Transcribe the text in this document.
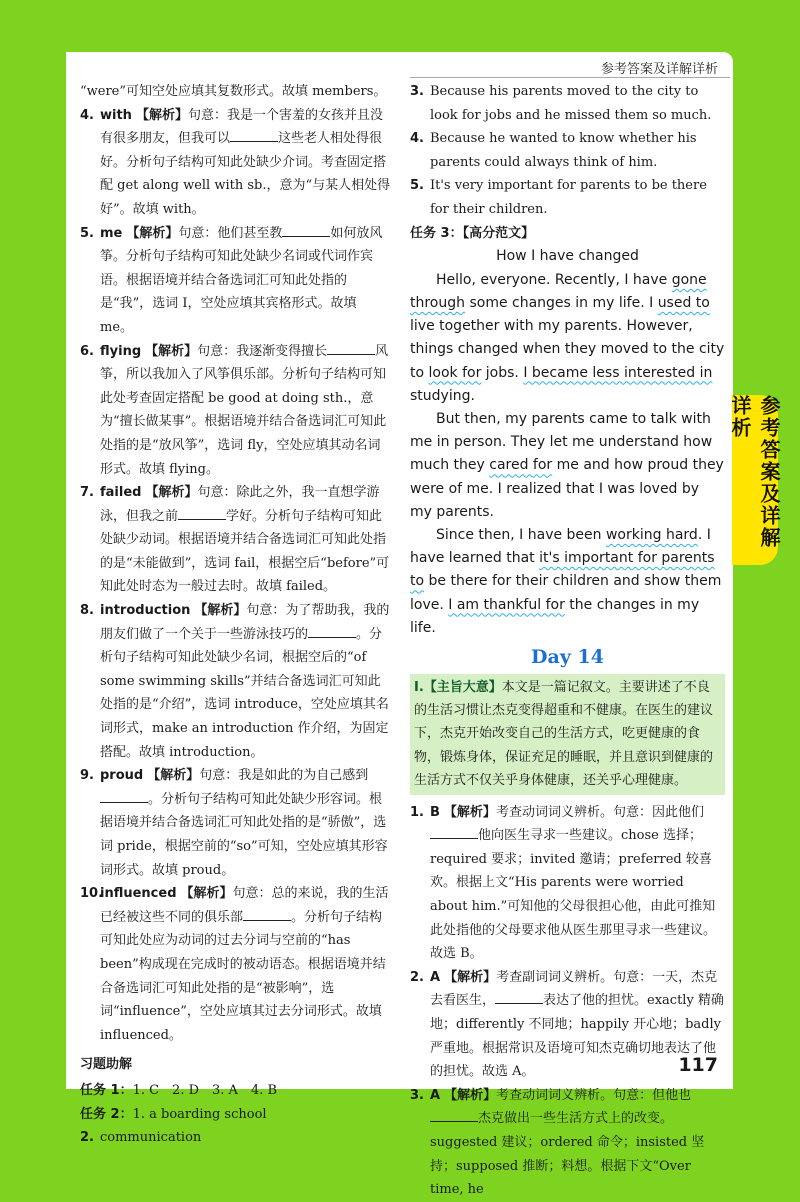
参考答案及详解详析
参考答案及详解详析

“were”可知空处应填其复数形式。故填 members。

4. with 【解析】句意：我是一个害羞的女孩并且没有很多朋友，但我可以	这些老人相处得很好。分析句子结构可知此处缺少介词。考查固定搭配 get along well with sb.，意为“与某人相处得好”。故填 with。

5. me 【解析】句意：他们甚至教	如何放风筝。分析句子结构可知此处缺少名词或代词作宾语。根据语境并结合备选词汇可知此处指的是“我”，选词 I，空处应填其宾格形式。故填 me。

6. flying 【解析】句意：我逐渐变得擅长	风筝，所以我加入了风筝俱乐部。分析句子结构可知此处考查固定搭配 be good at doing sth.，意为“擅长做某事”。根据语境并结合备选词汇可知此处指的是“放风筝”，选词 fly，空处应填其动名词形式。故填 flying。

7. failed 【解析】句意：除此之外，我一直想学游泳，但我之前	学好。分析句子结构可知此处缺少动词。根据语境并结合备选词汇可知此处指的是“未能做到”，选词 fail，根据空后“before”可知此处时态为一般过去时。故填 failed。

8. introduction 【解析】句意：为了帮助我，我的朋友们做了一个关于一些游泳技巧的	。分析句子结构可知此处缺少名词，根据空后的“of some swimming skills”并结合备选词汇可知此处指的是“介绍”，选词 introduce，空处应填其名词形式，make an introduction 作介绍，为固定搭配。故填 introduction。

9. proud 【解析】句意：我是如此的为自己感到。分析句子结构可知此处缺少形容词。根据语境并结合备选词汇可知此处指的是“骄傲”，选词 pride，根据空前的“so”可知，空处应填其形容词形式。故填 proud。

10.
influenced 【解析】句意：总的来说，我的生活已经被这些不同的俱乐部	。分析句子结构可知此处应为动词的过去分词与空前的“has been”构成现在完成时的被动语态。根据语境并结合备选词汇可知此处指的是“被影响”，选词“influence”，空处应填其过去分词形式。故填 influenced。

习题助解

任务 1：1. C　2. D　3. A　4. B

任务 2：1. a boarding school

2. communication

3. Because his parents moved to the city to look for jobs and he missed them so much.

4. Because he wanted to know whether his parents could always think of him.

5. It's very important for parents to be there for their children.

任务 3：【高分范文】

How I have changed

Hello, everyone. Recently, I have gone through some changes in my life. I used to live together with my parents. However, things changed when they moved to the city to look for jobs. I became less interested in studying.

But then, my parents came to talk with me in person. They let me understand how much they cared for me and how proud they were of me. I realized that I was loved by my parents.

Since then, I have been working hard. I have learned that it's important for parents to be there for their children and show them love. I am thankful for the changes in my life.

Day 14

Ⅰ.【主旨大意】本文是一篇记叙文。主要讲述了不良的生活习惯让杰克变得超重和不健康。在医生的建议下，杰克开始改变自己的生活方式，吃更健康的食物，锻炼身体，保证充足的睡眠，并且意识到健康的生活方式不仅关乎身体健康，还关乎心理健康。

1. B 【解析】考查动词词义辨析。句意：因此他们他向医生寻求一些建议。chose 选择；required 要求；invited 邀请；preferred 较喜欢。根据上文“His parents were worried about him.”可知他的父母很担心他，由此可推知此处指他的父母要求他从医生那里寻求一些建议。故选 B。

2. A 【解析】考查副词词义辨析。句意：一天，杰克去看医生，	表达了他的担忧。exactly 精确地；differently 不同地；happily 开心地；badly 严重地。根据常识及语境可知杰克确切地表达了他的担忧。故选 A。

3. A 【解析】考查动词词义辨析。句意：但他也杰克做出一些生活方式上的改变。suggested 建议；ordered 命令；insisted 坚持；supposed 推断；料想。根据下文“Over time, he

117
